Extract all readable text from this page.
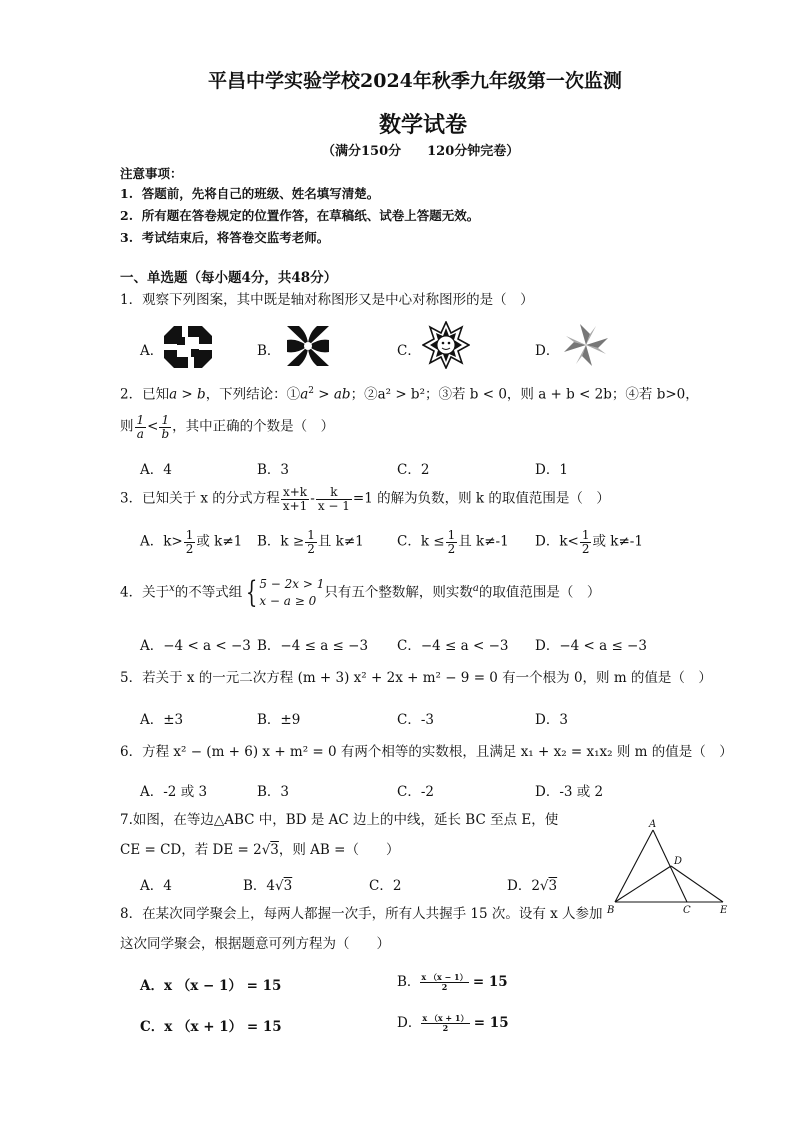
平昌中学实验学校2024年秋季九年级第一次监测
数学试卷
（满分150分　　120分钟完卷）
注意事项：
1. 答题前，先将自己的班级、姓名填写清楚。
2. 所有题在答卷规定的位置作答，在草稿纸、试卷上答题无效。
3. 考试结束后，将答卷交监考老师。
一、单选题（每小题4分，共48分）
1．观察下列图案，其中既是轴对称图形又是中心对称图形的是（　）
A．	B．	C．	D．
2．已知a > b，下列结论：$①a^2$ > ab；②a² > b²；③若 b < 0，则 a + b < 2b；④若 b>0，
则 $\frac{1}{a} < \frac{1}{b}$ ，其中正确的个数是（　）
A．4	B．3	C．2	D．1
3．已知关于 x 的分式方程 $\frac{x+k}{x+1} - \frac{k}{x - 1} =1$ 的解为负数，则 k 的取值范围是（　）
A．$k> \frac{1}{2}$ 或 k≠1 B．$k \ge \frac{1}{2}$ 且 k≠1 C．$k \le \frac{1}{2}$ 且 k≠-1 D．$k< \frac{1}{2}$ 或 k≠-1
4．关于$^x$的不等式组 { 5 − 2x > 1
x − a ≥ 0
只有五个整数解，则实数$^a$的取值范围是（　）
A．−4 < a < −3 B．−4 ≤ a ≤ −3 C．−4 ≤ a < −3 D．−4 < a ≤ −3
5．若关于 x 的一元二次方程 (m + 3) x² + 2x + m² − 9 = 0 有一个根为 0，则 m 的值是（　）
A．±3	B．±9	C．-3	D．3
6．方程 x² − (m + 6) x + m² = 0 有两个相等的实数根，且满足 x₁ + x₂ = x₁x₂ 则 m 的值是（　）
A．-2 或 3	B．3	C．-2	D．-3 或 2
7.如图，在等边△ABC 中，BD 是 AC 边上的中线，延长 BC 至点 E，使
CE = CD，若 DE = 2√3，则 AB =（　　）
A．4	B．4√3	C．2	D．2√3
A
B	C
D
E
8．在某次同学聚会上，每两人都握一次手，所有人共握手 15 次。设有 x 人参加
这次同学聚会，根据题意可列方程为（　　）
A．x （x − 1） = 15	B． $\frac{x (x - 1)}{2} = 15$
C．x （x + 1） = 15	D． $\frac{x (x + 1)}{2} = 15$
